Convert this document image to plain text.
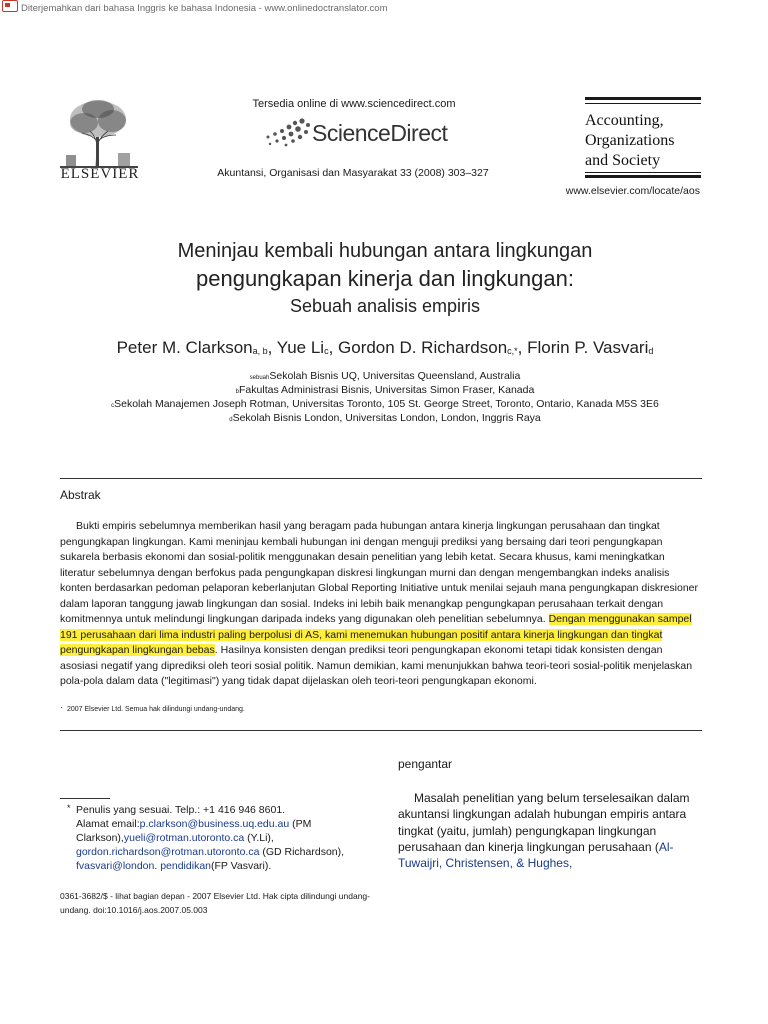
Diterjemahkan dari bahasa Inggris ke bahasa Indonesia - www.onlinedoctranslator.com
ELSEVIER
Tersedia online di www.sciencedirect.com
ScienceDirect
Akuntansi, Organisasi dan Masyarakat 33 (2008) 303–327
Accounting,
Organizations
and Society
www.elsevier.com/locate/aos
Meninjau kembali hubungan antara lingkungan
pengungkapan kinerja dan lingkungan:
Sebuah analisis empiris
Peter M. Clarkson$_{a, b}$, Yue $Li_c$, Gordon D. Richardson$_{c,*}$, Florin P. Vasvari$_d$
sebuahSekolah Bisnis UQ, Universitas Queensland, Australia
bFakultas Administrasi Bisnis, Universitas Simon Fraser, Kanada
cSekolah Manajemen Joseph Rotman, Universitas Toronto, 105 St. George Street, Toronto, Ontario, Kanada M5S 3E6
dSekolah Bisnis London, Universitas London, London, Inggris Raya
Abstrak

Bukti empiris sebelumnya memberikan hasil yang beragam pada hubungan antara kinerja lingkungan perusahaan dan tingkat pengungkapan lingkungan. Kami meninjau kembali hubungan ini dengan menguji prediksi yang bersaing dari teori pengungkapan sukarela berbasis ekonomi dan sosial-politik menggunakan desain penelitian yang lebih ketat. Secara khusus, kami meningkatkan literatur sebelumnya dengan berfokus pada pengungkapan diskresi lingkungan murni dan dengan mengembangkan indeks analisis konten berdasarkan pedoman pelaporan keberlanjutan Global Reporting Initiative untuk menilai sejauh mana pengungkapan diskresioner dalam laporan tanggung jawab lingkungan dan sosial. Indeks ini lebih baik menangkap pengungkapan perusahaan terkait dengan komitmennya untuk melindungi lingkungan daripada indeks yang digunakan oleh penelitian sebelumnya. Dengan menggunakan sampel 191 perusahaan dari lima industri paling berpolusi di AS, kami menemukan hubungan positif antara kinerja lingkungan dan tingkat pengungkapan lingkungan bebas. Hasilnya konsisten dengan prediksi teori pengungkapan ekonomi tetapi tidak konsisten dengan asosiasi negatif yang diprediksi oleh teori sosial politik. Namun demikian, kami menunjukkan bahwa teori-teori sosial-politik menjelaskan pola-pola dalam data ("legitimasi") yang tidak dapat dijelaskan oleh teori-teori pengungkapan ekonomi.

· 2007 Elsevier Ltd. Semua hak dilindungi undang-undang.
* Penulis yang sesuai. Telp.: +1 416 946 8601.
Alamat email:p.clarkson@business.uq.edu.au (PM Clarkson),yueli@rotman.utoronto.ca (Y.Li),
gordon.richardson@rotman.utoronto.ca (GD Richardson),
fvasvari@london. pendidikan(FP Vasvari).

0361-3682/$ - lihat bagian depan - 2007 Elsevier Ltd. Hak cipta dilindungi undang-undang. doi:10.1016/j.aos.2007.05.003
pengantar

Masalah penelitian yang belum terselesaikan dalam akuntansi lingkungan adalah hubungan empiris antara tingkat (yaitu, jumlah) pengungkapan lingkungan perusahaan dan kinerja lingkungan perusahaan (Al-Tuwaijri, Christensen, & Hughes,
